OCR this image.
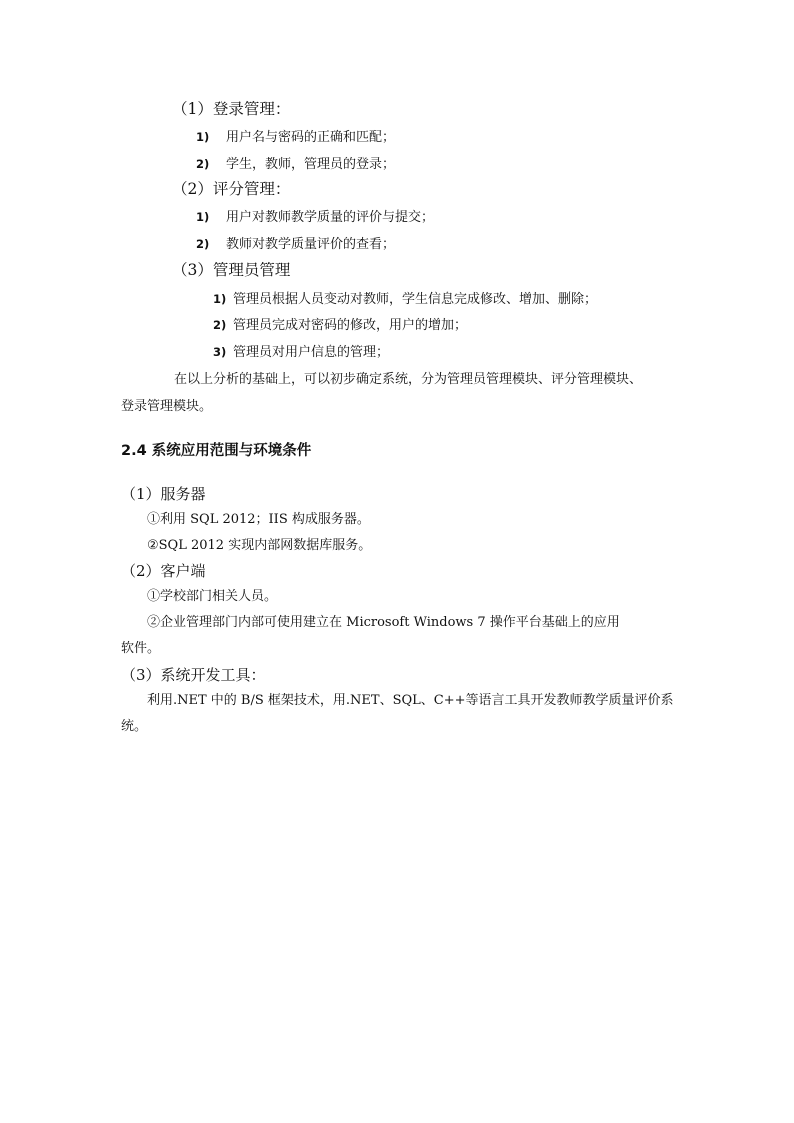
（1）登录管理：
1) 用户名与密码的正确和匹配；
2) 学生，教师，管理员的登录；
（2）评分管理：
1) 用户对教师教学质量的评价与提交；
2) 教师对教学质量评价的查看；
（3）管理员管理
1) 管理员根据人员变动对教师，学生信息完成修改、增加、删除；
2) 管理员完成对密码的修改，用户的增加；
3) 管理员对用户信息的管理；
在以上分析的基础上，可以初步确定系统，分为管理员管理模块、评分管理模块、
登录管理模块。
2.4 系统应用范围与环境条件
（1）服务器
①利用 SQL 2012；IIS 构成服务器。
②SQL 2012 实现内部网数据库服务。
（2）客户端
①学校部门相关人员。
②企业管理部门内部可使用建立在 Microsoft Windows 7 操作平台基础上的应用
软件。
（3）系统开发工具：
利用.NET 中的 B/S 框架技术，用.NET、SQL、C++等语言工具开发教师教学质量评价系
统。
